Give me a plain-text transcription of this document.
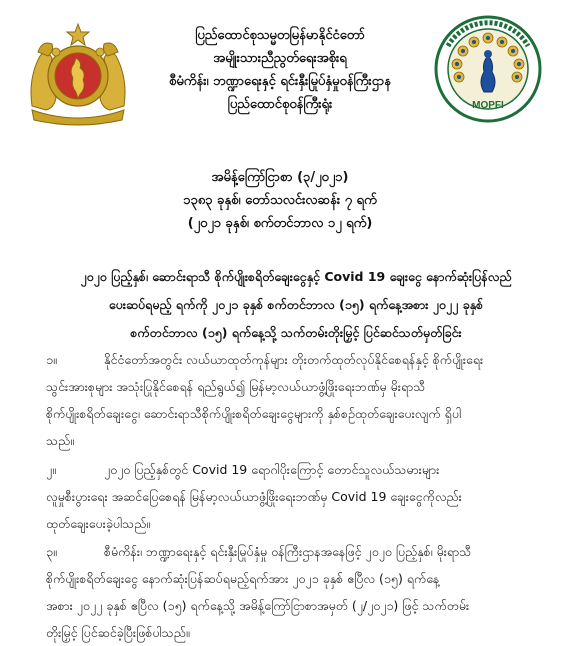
MOPFI
ပြည်ထောင်စုသမ္မတမြန်မာနိုင်ငံတော်
အမျိုးသားညီညွတ်ရေးအစိုးရ
စီမံကိန်း၊ ဘဏ္ဍာရေးနှင့် ရင်းနှီးမြုပ်နှံမှုဝန်ကြီးဌာန
ပြည်ထောင်စုဝန်ကြီးရုံး
အမိန့်ကြော်ငြာစာ (၃/၂၀၂၁)
၁၃၈၃ ခုနှစ်၊ တော်သလင်းလဆန်း ၇ ရက်
(၂၀၂၁ ခုနှစ်၊ စက်တင်ဘာလ ၁၂ ရက်)
၂၀၂၀ ပြည့်နှစ်၊ ဆောင်းရာသီ စိုက်ပျိုးစရိတ်ချေးငွေနှင့် Covid 19 ချေးငွေ နောက်ဆုံးပြန်လည်
ပေးဆပ်ရမည့် ရက်ကို ၂၀၂၁ ခုနှစ် စက်တင်ဘာလ (၁၅) ရက်နေ့အစား ၂၀၂၂ ခုနှစ်
စက်တင်ဘာလ (၁၅) ရက်နေ့သို့ သက်တမ်းတိုးမြှင့် ပြင်ဆင်သတ်မှတ်ခြင်း
၁။	နိုင်ငံတော်အတွင်း လယ်ယာထုတ်ကုန်များ တိုးတက်ထုတ်လုပ်နိုင်စေရန်နှင့် စိုက်ပျိုးရေး
သွင်းအားစုများ အသုံးပြုနိုင်စေရန် ရည်ရွယ်၍ မြန်မာ့လယ်ယာဖွံ့ဖြိုးရေးဘဏ်မှ မိုးရာသီ
စိုက်ပျိုးစရိတ်ချေးငွေ၊ ဆောင်းရာသီစိုက်ပျိုးစရိတ်ချေးငွေများကို နှစ်စဉ်ထုတ်ချေးပေးလျက် ရှိပါ
သည်။
၂။	၂၀၂၀ ပြည့်နှစ်တွင် Covid 19 ရောဂါပိုးကြောင့် တောင်သူလယ်သမားများ
လူမှုစီးပွားရေး အဆင်ပြေစေရန် မြန်မာ့လယ်ယာဖွံ့ဖြိုးရေးဘဏ်မှ Covid 19 ချေးငွေကိုလည်း
ထုတ်ချေးပေးခဲ့ပါသည်။
၃။	စီမံကိန်း၊ ဘဏ္ဍာရေးနှင့် ရင်းနှီးမြုပ်နှံမှု ဝန်ကြီးဌာနအနေဖြင့် ၂၀၂၀ ပြည့်နှစ်၊ မိုးရာသီ
စိုက်ပျိုးစရိတ်ချေးငွေ နောက်ဆုံးပြန်ဆပ်ရမည့်ရက်အား ၂၀၂၁ ခုနှစ် ဧပြီလ (၁၅) ရက်နေ့
အစား ၂၀၂၂ ခုနှစ် ဧပြီလ (၁၅) ရက်နေ့သို့ အမိန့်ကြော်ငြာစာအမှတ် (၂/၂၀၂၁) ဖြင့် သက်တမ်း
တိုးမြှင့် ပြင်ဆင်ခဲ့ပြီးဖြစ်ပါသည်။
